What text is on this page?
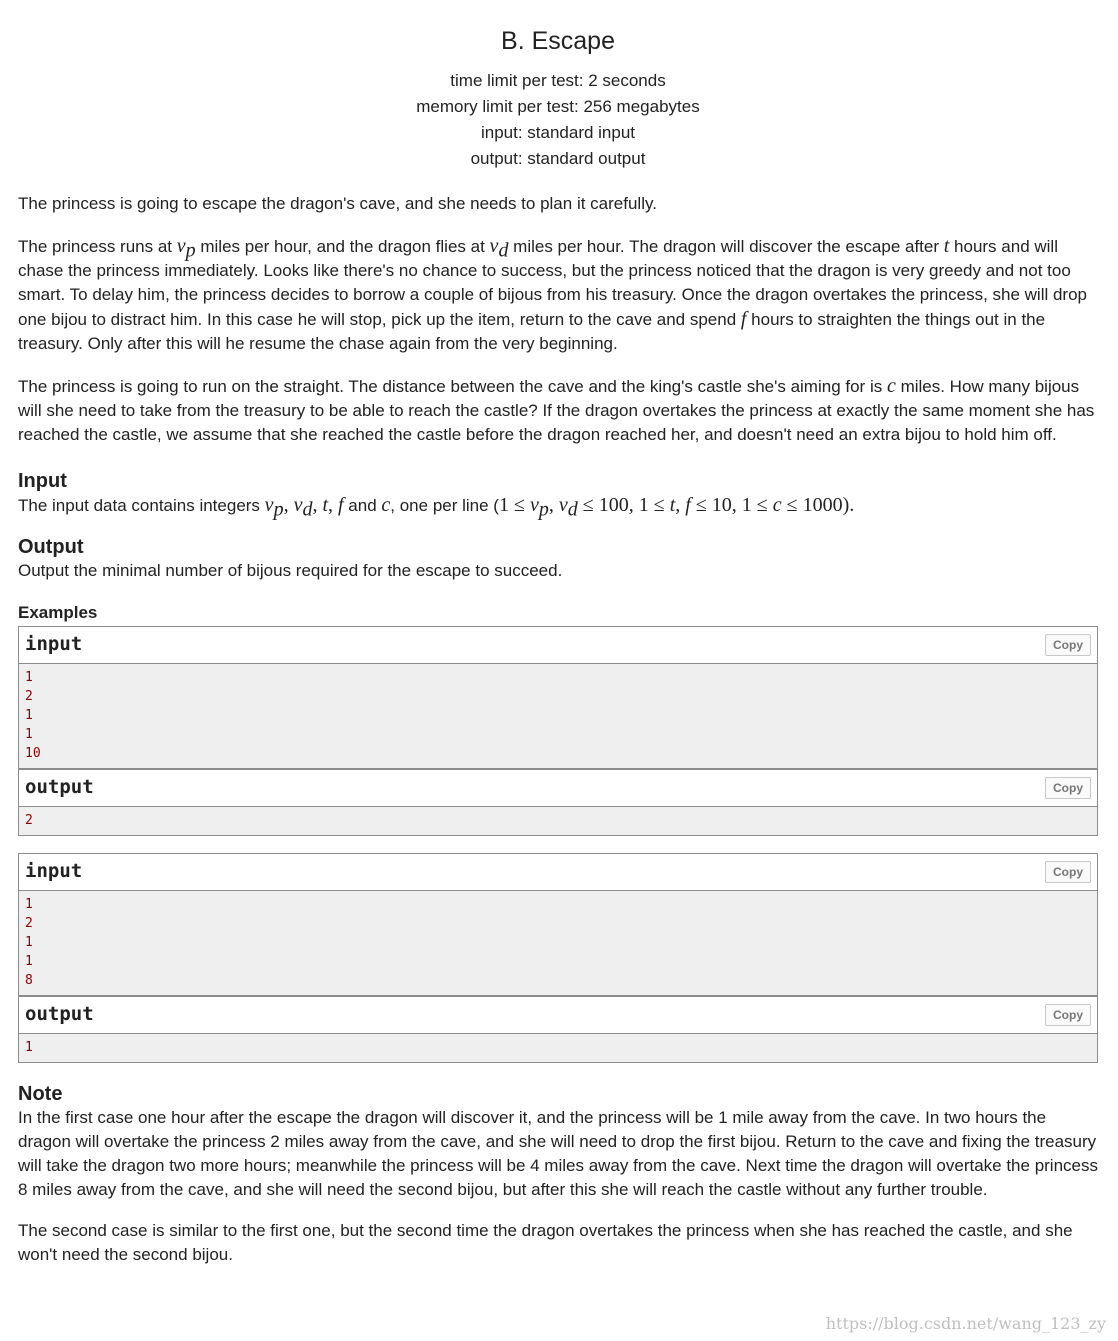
B. Escape
time limit per test: 2 seconds
memory limit per test: 256 megabytes
input: standard input
output: standard output

The princess is going to escape the dragon's cave, and she needs to plan it carefully.

The princess runs at $v_p$ miles per hour, and the dragon flies at $v_d$ miles per hour. The dragon will discover the escape after t hours and will chase the princess immediately. Looks like there's no chance to success, but the princess noticed that the dragon is very greedy and not too smart. To delay him, the princess decides to borrow a couple of bijous from his treasury. Once the dragon overtakes the princess, she will drop one bijou to distract him. In this case he will stop, pick up the item, return to the cave and spend f hours to straighten the things out in the treasury. Only after this will he resume the chase again from the very beginning.

The princess is going to run on the straight. The distance between the cave and the king's castle she's aiming for is c miles. How many bijous will she need to take from the treasury to be able to reach the castle? If the dragon overtakes the princess at exactly the same moment she has reached the castle, we assume that she reached the castle before the dragon reached her, and doesn't need an extra bijou to hold him off.

Input

The input data contains integers $v_p$, $v_d$, t, f and c, one per line ($1 \le v_p$, $v_d \le 100$, 1 ≤ t, f ≤ 10, 1 ≤ c ≤ 1000).

Output

Output the minimal number of bijous required for the escape to succeed.

Examples
input	Copy
1
2
1
1
10
output	Copy
2
input	Copy
1
2
1
1
8
output	Copy
1
Note

In the first case one hour after the escape the dragon will discover it, and the princess will be 1 mile away from the cave. In two hours the dragon will overtake the princess 2 miles away from the cave, and she will need to drop the first bijou. Return to the cave and fixing the treasury will take the dragon two more hours; meanwhile the princess will be 4 miles away from the cave. Next time the dragon will overtake the princess 8 miles away from the cave, and she will need the second bijou, but after this she will reach the castle without any further trouble.

The second case is similar to the first one, but the second time the dragon overtakes the princess when she has reached the castle, and she won't need the second bijou.

https://blog.csdn.net/wang_123_zy
